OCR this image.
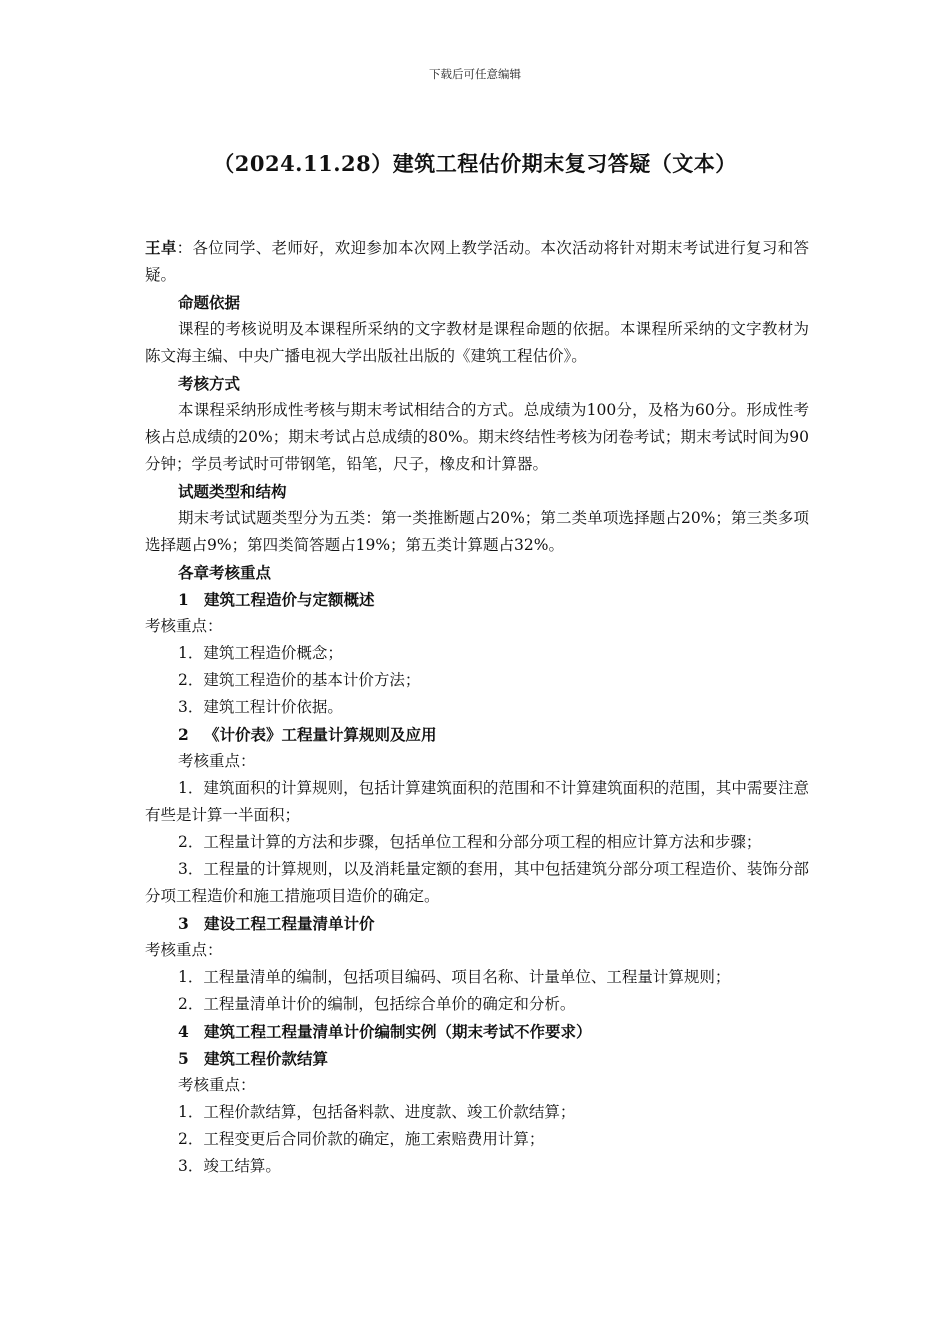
下载后可任意编辑
（2024.11.28）建筑工程估价期末复习答疑（文本）

王卓：各位同学、老师好，欢迎参加本次网上教学活动。本次活动将针对期末考试进行复习和答疑。

命题依据

课程的考核说明及本课程所采纳的文字教材是课程命题的依据。本课程所采纳的文字教材为陈文海主编、中央广播电视大学出版社出版的《建筑工程估价》。

考核方式

本课程采纳形成性考核与期末考试相结合的方式。总成绩为100分，及格为60分。形成性考核占总成绩的20%；期末考试占总成绩的80%。期末终结性考核为闭卷考试；期末考试时间为90分钟；学员考试时可带钢笔，铅笔，尺子，橡皮和计算器。

试题类型和结构

期末考试试题类型分为五类：第一类推断题占20%；第二类单项选择题占20%；第三类多项选择题占9%；第四类简答题占19%；第五类计算题占32%。

各章考核重点

1 建筑工程造价与定额概述

考核重点：

1．建筑工程造价概念；

2．建筑工程造价的基本计价方法；

3．建筑工程计价依据。

2 《计价表》工程量计算规则及应用

考核重点：

1．建筑面积的计算规则，包括计算建筑面积的范围和不计算建筑面积的范围，其中需要注意有些是计算一半面积；

2．工程量计算的方法和步骤，包括单位工程和分部分项工程的相应计算方法和步骤；

3．工程量的计算规则，以及消耗量定额的套用，其中包括建筑分部分项工程造价、装饰分部分项工程造价和施工措施项目造价的确定。

3 建设工程工程量清单计价

考核重点：

1．工程量清单的编制，包括项目编码、项目名称、计量单位、工程量计算规则；

2．工程量清单计价的编制，包括综合单价的确定和分析。

4 建筑工程工程量清单计价编制实例（期末考试不作要求）

5 建筑工程价款结算

考核重点：

1．工程价款结算，包括备料款、进度款、竣工价款结算；

2．工程变更后合同价款的确定，施工索赔费用计算；

3．竣工结算。
